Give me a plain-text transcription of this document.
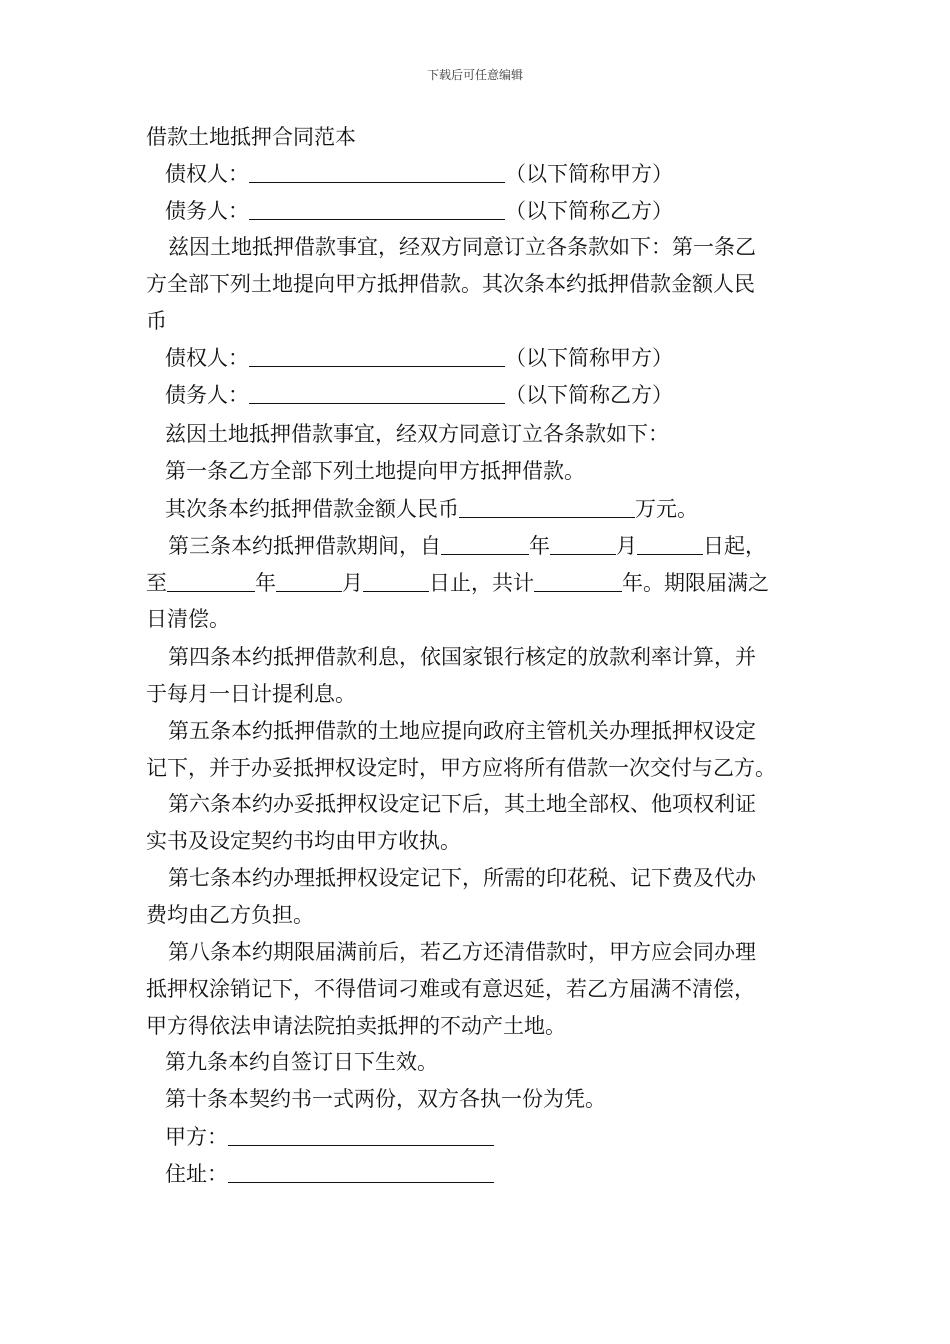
下载后可任意编辑
借款土地抵押合同范本
债权人：	（以下简称甲方）
债务人：	（以下简称乙方）
兹因土地抵押借款事宜，经双方同意订立各条款如下：第一条乙
方全部下列土地提向甲方抵押借款。其次条本约抵押借款金额人民
币
债权人：	（以下简称甲方）
债务人：	（以下简称乙方）
兹因土地抵押借款事宜，经双方同意订立各条款如下：
第一条乙方全部下列土地提向甲方抵押借款。
其次条本约抵押借款金额人民币	万元。
第三条本约抵押借款期间，自	年	月	日起，
至	年	月	日止，共计	年。期限届满之
日清偿。
第四条本约抵押借款利息，依国家银行核定的放款利率计算，并
于每月一日计提利息。
第五条本约抵押借款的土地应提向政府主管机关办理抵押权设定
记下，并于办妥抵押权设定时，甲方应将所有借款一次交付与乙方。
第六条本约办妥抵押权设定记下后，其土地全部权、他项权利证
实书及设定契约书均由甲方收执。
第七条本约办理抵押权设定记下，所需的印花税、记下费及代办
费均由乙方负担。
第八条本约期限届满前后，若乙方还清借款时，甲方应会同办理
抵押权涂销记下，不得借词刁难或有意迟延，若乙方届满不清偿，
甲方得依法申请法院拍卖抵押的不动产土地。
第九条本约自签订日下生效。
第十条本契约书一式两份，双方各执一份为凭。
甲方：
住址：
